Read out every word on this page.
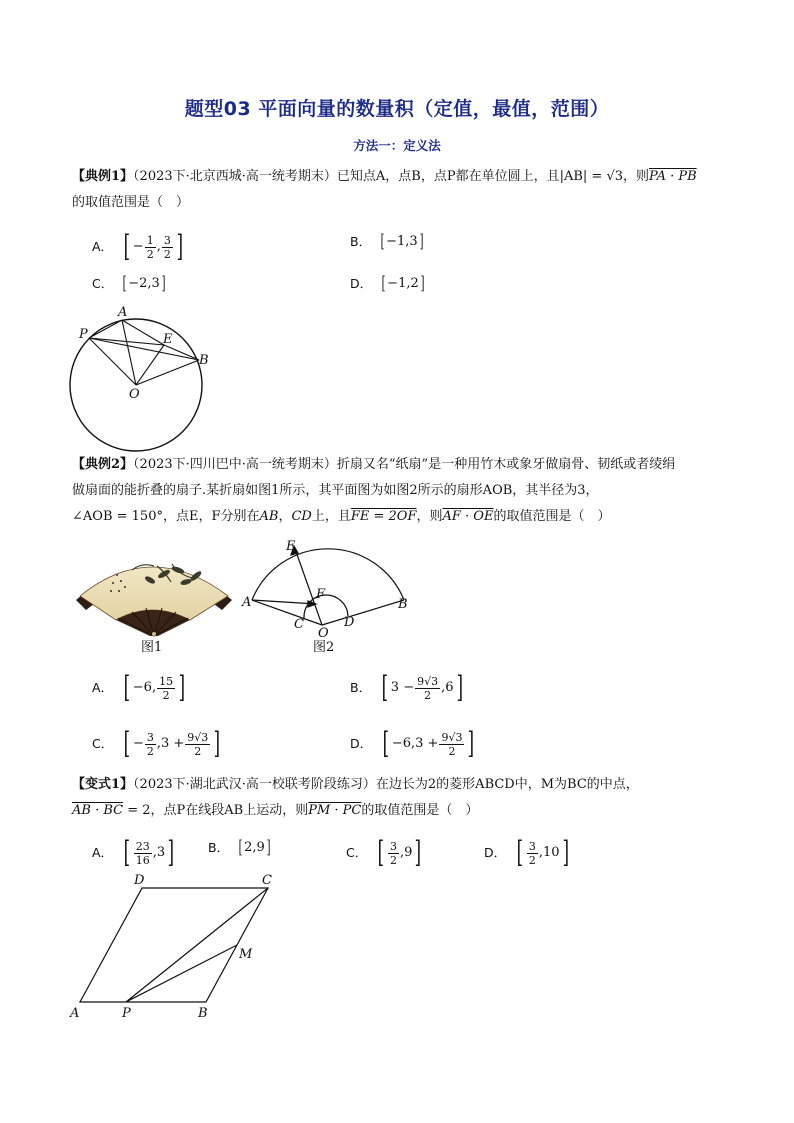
题型03 平面向量的数量积（定值，最值，范围）
方法一：定义法
【典例1】（2023下·北京西城·高一统考期末）已知点A，点B，点P都在单位圆上，且|AB| = √3，则PA · PB
的取值范围是（　）
A． [ − $\frac{1}{2}$ , $\frac{3}{2}$ ]	B． [ −1,3 ]
C． [ −2,3 ]	D． [ −1,2 ]
A
P	E
B
O
【典例2】（2023下·四川巴中·高一统考期末）折扇又名“纸扇”是一种用竹木或象牙做扇骨、韧纸或者绫绢
做扇面的能折叠的扇子.某折扇如图1所示，其平面图为如图2所示的扇形AOB，其半径为3，
∠AOB = 150°，点E，F分别在AB，CD上，且FE = 2OF，则AF · OE的取值范围是（　）
图1
E
F
A
C
O
D
B
图2
A． [ −6, $\frac{15}{2}$ ]	B． [ $3 - \frac{9√3}{2} ,6$ ]
C． [ − $\frac{3}{2} ,3 + \frac{9√3}{2}$ ]	D． [ $-6,3 + \frac{9√3}{2}$ ]
【变式1】（2023下·湖北武汉·高一校联考阶段练习）在边长为2的菱形ABCD中，M为BC的中点，
AB · BC = 2，点P在线段AB上运动，则PM · PC的取值范围是（　）
A． [ $\frac{23}{16} ,3$ ]	B． [ 2,9 ]	C． [ $\frac{3}{2} ,9$ ]	D． [ $\frac{3}{2} ,10$ ]
D	C
M
A	P	B
